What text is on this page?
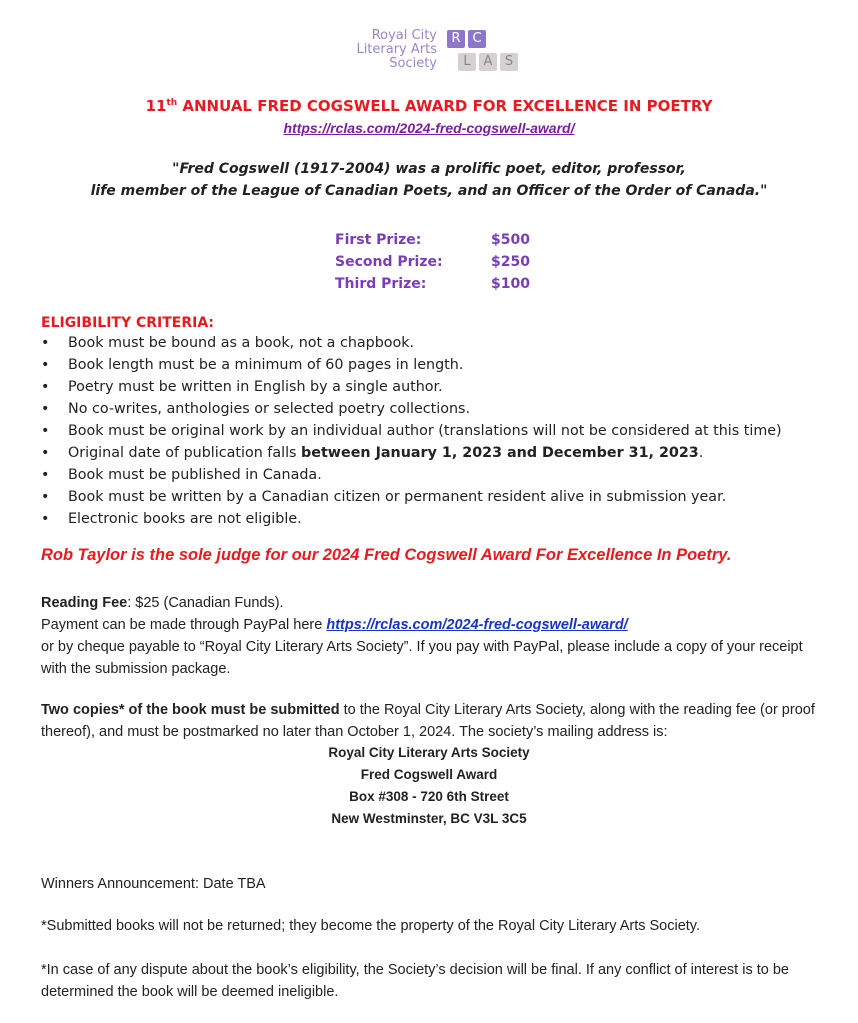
Royal City
Literary Arts
Society
R C
L A S
11th ANNUAL FRED COGSWELL AWARD FOR EXCELLENCE IN POETRY
https://rclas.com/2024-fred-cogswell-award/
"Fred Cogswell (1917-2004) was a prolific poet, editor, professor,
life member of the League of Canadian Poets, and an Officer of the Order of Canada."
First Prize:	$500
Second Prize:	$250
Third Prize:	$100
ELIGIBILITY CRITERIA:
• Book must be bound as a book, not a chapbook.
• Book length must be a minimum of 60 pages in length.
• Poetry must be written in English by a single author.
• No co-writes, anthologies or selected poetry collections.
• Book must be original work by an individual author (translations will not be considered at this time)
• Original date of publication falls between January 1, 2023 and December 31, 2023.
• Book must be published in Canada.
• Book must be written by a Canadian citizen or permanent resident alive in submission year.
• Electronic books are not eligible.
Rob Taylor is the sole judge for our 2024 Fred Cogswell Award For Excellence In Poetry.
Reading Fee: $25 (Canadian Funds).
Payment can be made through PayPal here https://rclas.com/2024-fred-cogswell-award/
or by cheque payable to “Royal City Literary Arts Society”. If you pay with PayPal, please include a copy of your receipt with the submission package.
Two copies* of the book must be submitted to the Royal City Literary Arts Society, along with the reading fee (or proof thereof), and must be postmarked no later than October 1, 2024. The society’s mailing address is:
Royal City Literary Arts Society
Fred Cogswell Award
Box #308 - 720 6th Street
New Westminster, BC V3L 3C5
Winners Announcement: Date TBA
*Submitted books will not be returned; they become the property of the Royal City Literary Arts Society.
*In case of any dispute about the book’s eligibility, the Society’s decision will be final. If any conflict of interest is to be determined the book will be deemed ineligible.
